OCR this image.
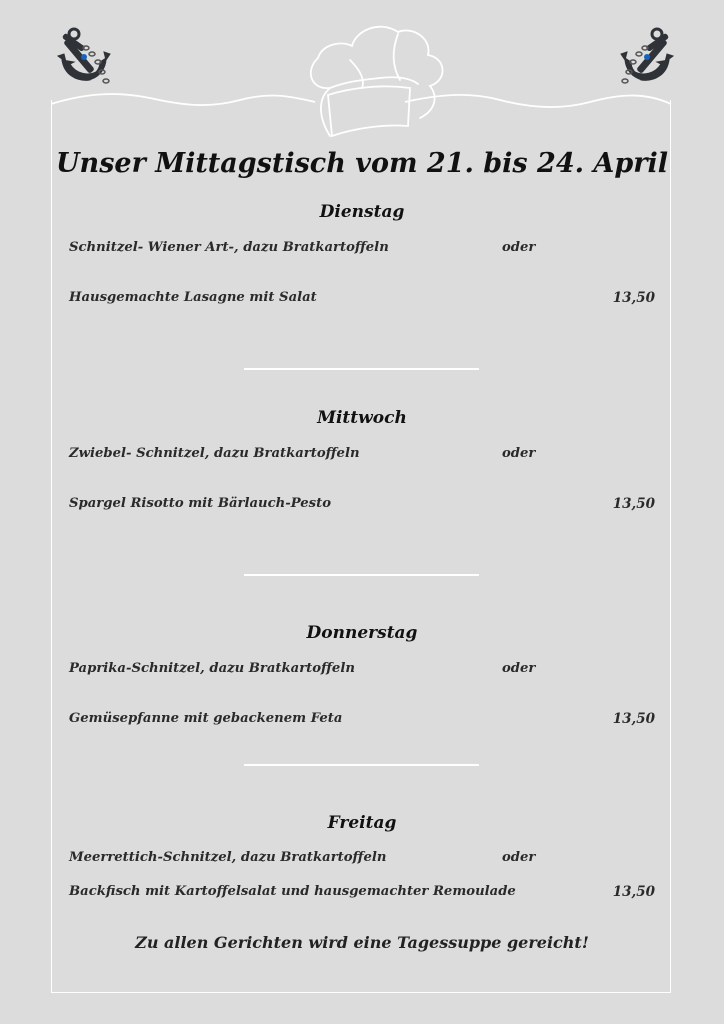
Unser Mittagstisch vom 21. bis 24. April
Dienstag
Schnitzel- Wiener Art-, dazu Bratkartoffeln	oder
Hausgemachte Lasagne mit Salat	13,50
Mittwoch
Zwiebel- Schnitzel, dazu Bratkartoffeln	oder
Spargel Risotto mit Bärlauch-Pesto	13,50
Donnerstag
Paprika-Schnitzel, dazu Bratkartoffeln	oder
Gemüsepfanne mit gebackenem Feta	13,50
Freitag
Meerrettich-Schnitzel, dazu Bratkartoffeln	oder
Backfisch mit Kartoffelsalat und hausgemachter Remoulade	13,50
Zu allen Gerichten wird eine Tagessuppe gereicht!
